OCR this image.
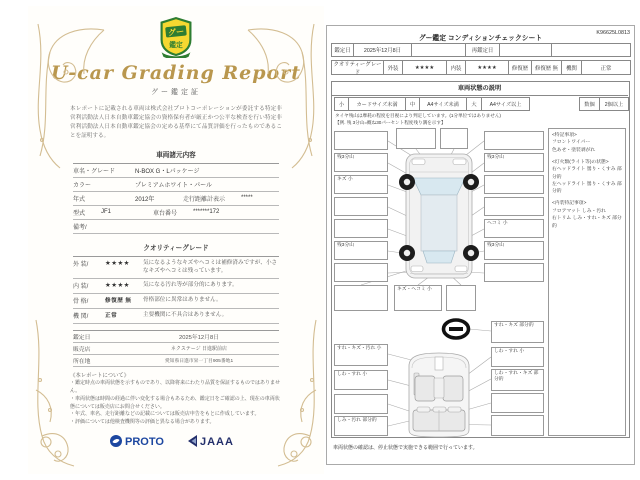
グー
鑑定
U-car Grading Report
グー鑑定証

本レポートに記載される車両は株式会社プロトコーポレーションが委託する特定非営利活動法人日本自動車鑑定協会の資格保有者が厳正かつ公平な検査を行い特定非営利活動法人日本自動車鑑定協会の定める基準にて品質評価を行ったものであることを証明する。

車両諸元内容
車名・グレード	N-BOX G・Lパッケージ
カラー	プレミアムホワイト・パール
年式	2012年	走行距離計表示	*****
型式	JF1	車台番号	*******172
備考/
クオリティーグレード
外 装/	★★★★	気になるようなキズやヘコミは補修済みですが、小さなキズやヘコミは残っています。
内 装/	★★★★	気になる汚れ等が部分的にあります。
骨 格/	修復歴 無	骨格部位に異常はありません。
機 関/	正常	主要機関に不具合はありません。
鑑定日	2025年12月8日
販売店	ネクステージ 日進駅前店
所在地	愛知県日進市栄一丁目905番地1
《本レポートについて》
・鑑定時点の車両状態を示すものであり、以降将来にわたり品質を保証するものではありません。
・車両状態は時間の経過に伴い変化する場合もあるため、鑑定日をご確認の上、現在の車両状態については販売店にお問合せください。
・年式、車名、走行距離などの記載については販売店申告をもとに作成しています。
・評価については他検査機関等の評価と異なる場合があります。
PROTO	JAAA
グー鑑定 コンディションチェックシート
K96625L0813
鑑定日	2025年12月8日	再鑑定日
クオリティーグレード
外装	★★★★	内装	★★★★	修復歴	修復歴 無	機関	正常
車両状態の説明
小	カードサイズ未満	中	A4サイズ未満	大	A4サイズ以上	数個	2個以上
タイヤ残山は摩耗の程度を目視により判定しています。(1分単位ではありません)
【例. 残 3分山=概ね30パーセント程度残り溝を示す】
残3分山
キズ 小
残3分山
残3分山
ヘコミ 小
残3分山
キズ・ヘコミ 小
すれ・キズ・汚れ 小
しわ・すれ 小
しみ・汚れ 部分的
すれ・キズ 部分的
しわ・すれ 小
しわ・すれ・キズ 部分的
<特記事項>
フロントワイパー
色あせ・塗装剥がれ
<灯火類(ライト等)の状態>
右ヘッドライト 曇り・くすみ 部分的
左ヘッドライト 曇り・くすみ 部分的
<内装特記事項>
フロアマット しみ・汚れ
右トリム しみ・すれ・キズ 部分的
車両状態の確認は、停止状態で実施できる範囲で行っています。
